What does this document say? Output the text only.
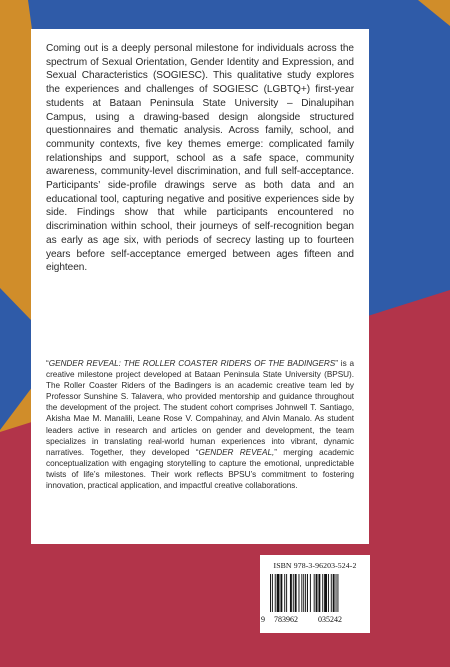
Coming out is a deeply personal milestone for individuals across the spectrum of Sexual Orientation, Gender Identity and Expression, and Sexual Characteristics (SOGIESC). This qualitative study explores the experiences and challenges of SOGIESC (LGBTQ+) first-year students at Bataan Peninsula State University – Dinalupihan Campus, using a drawing-based design alongside structured questionnaires and thematic analysis. Across family, school, and community contexts, five key themes emerge: complicated family relationships and support, school as a safe space, community awareness, community-level discrimination, and full self-acceptance. Participants’ side-profile drawings serve as both data and an educational tool, capturing negative and positive experiences side by side. Findings show that while participants encountered no discrimination within school, their journeys of self-recognition began as early as age six, with periods of secrecy lasting up to fourteen years before self-acceptance emerged between ages fifteen and eighteen.

“GENDER REVEAL: THE ROLLER COASTER RIDERS OF THE BADINGERS” is a creative milestone project developed at Bataan Peninsula State University (BPSU). The Roller Coaster Riders of the Badingers is an academic creative team led by Professor Sunshine S. Talavera, who provided mentorship and guidance throughout the development of the project. The student cohort comprises Johnwell T. Santiago, Akisha Mae M. Manalili, Leane Rose V. Compahinay, and Alvin Manalo. As student leaders active in research and articles on gender and development, the team specializes in translating real-world human experiences into vibrant, dynamic narratives. Together, they developed “GENDER REVEAL,” merging academic conceptualization with engaging storytelling to capture the emotional, unpredictable twists of life’s milestones. Their work reflects BPSU’s commitment to fostering innovation, practical application, and impactful creative collaborations.

ISBN 978-3-96203-524-2
9 783962	035242
